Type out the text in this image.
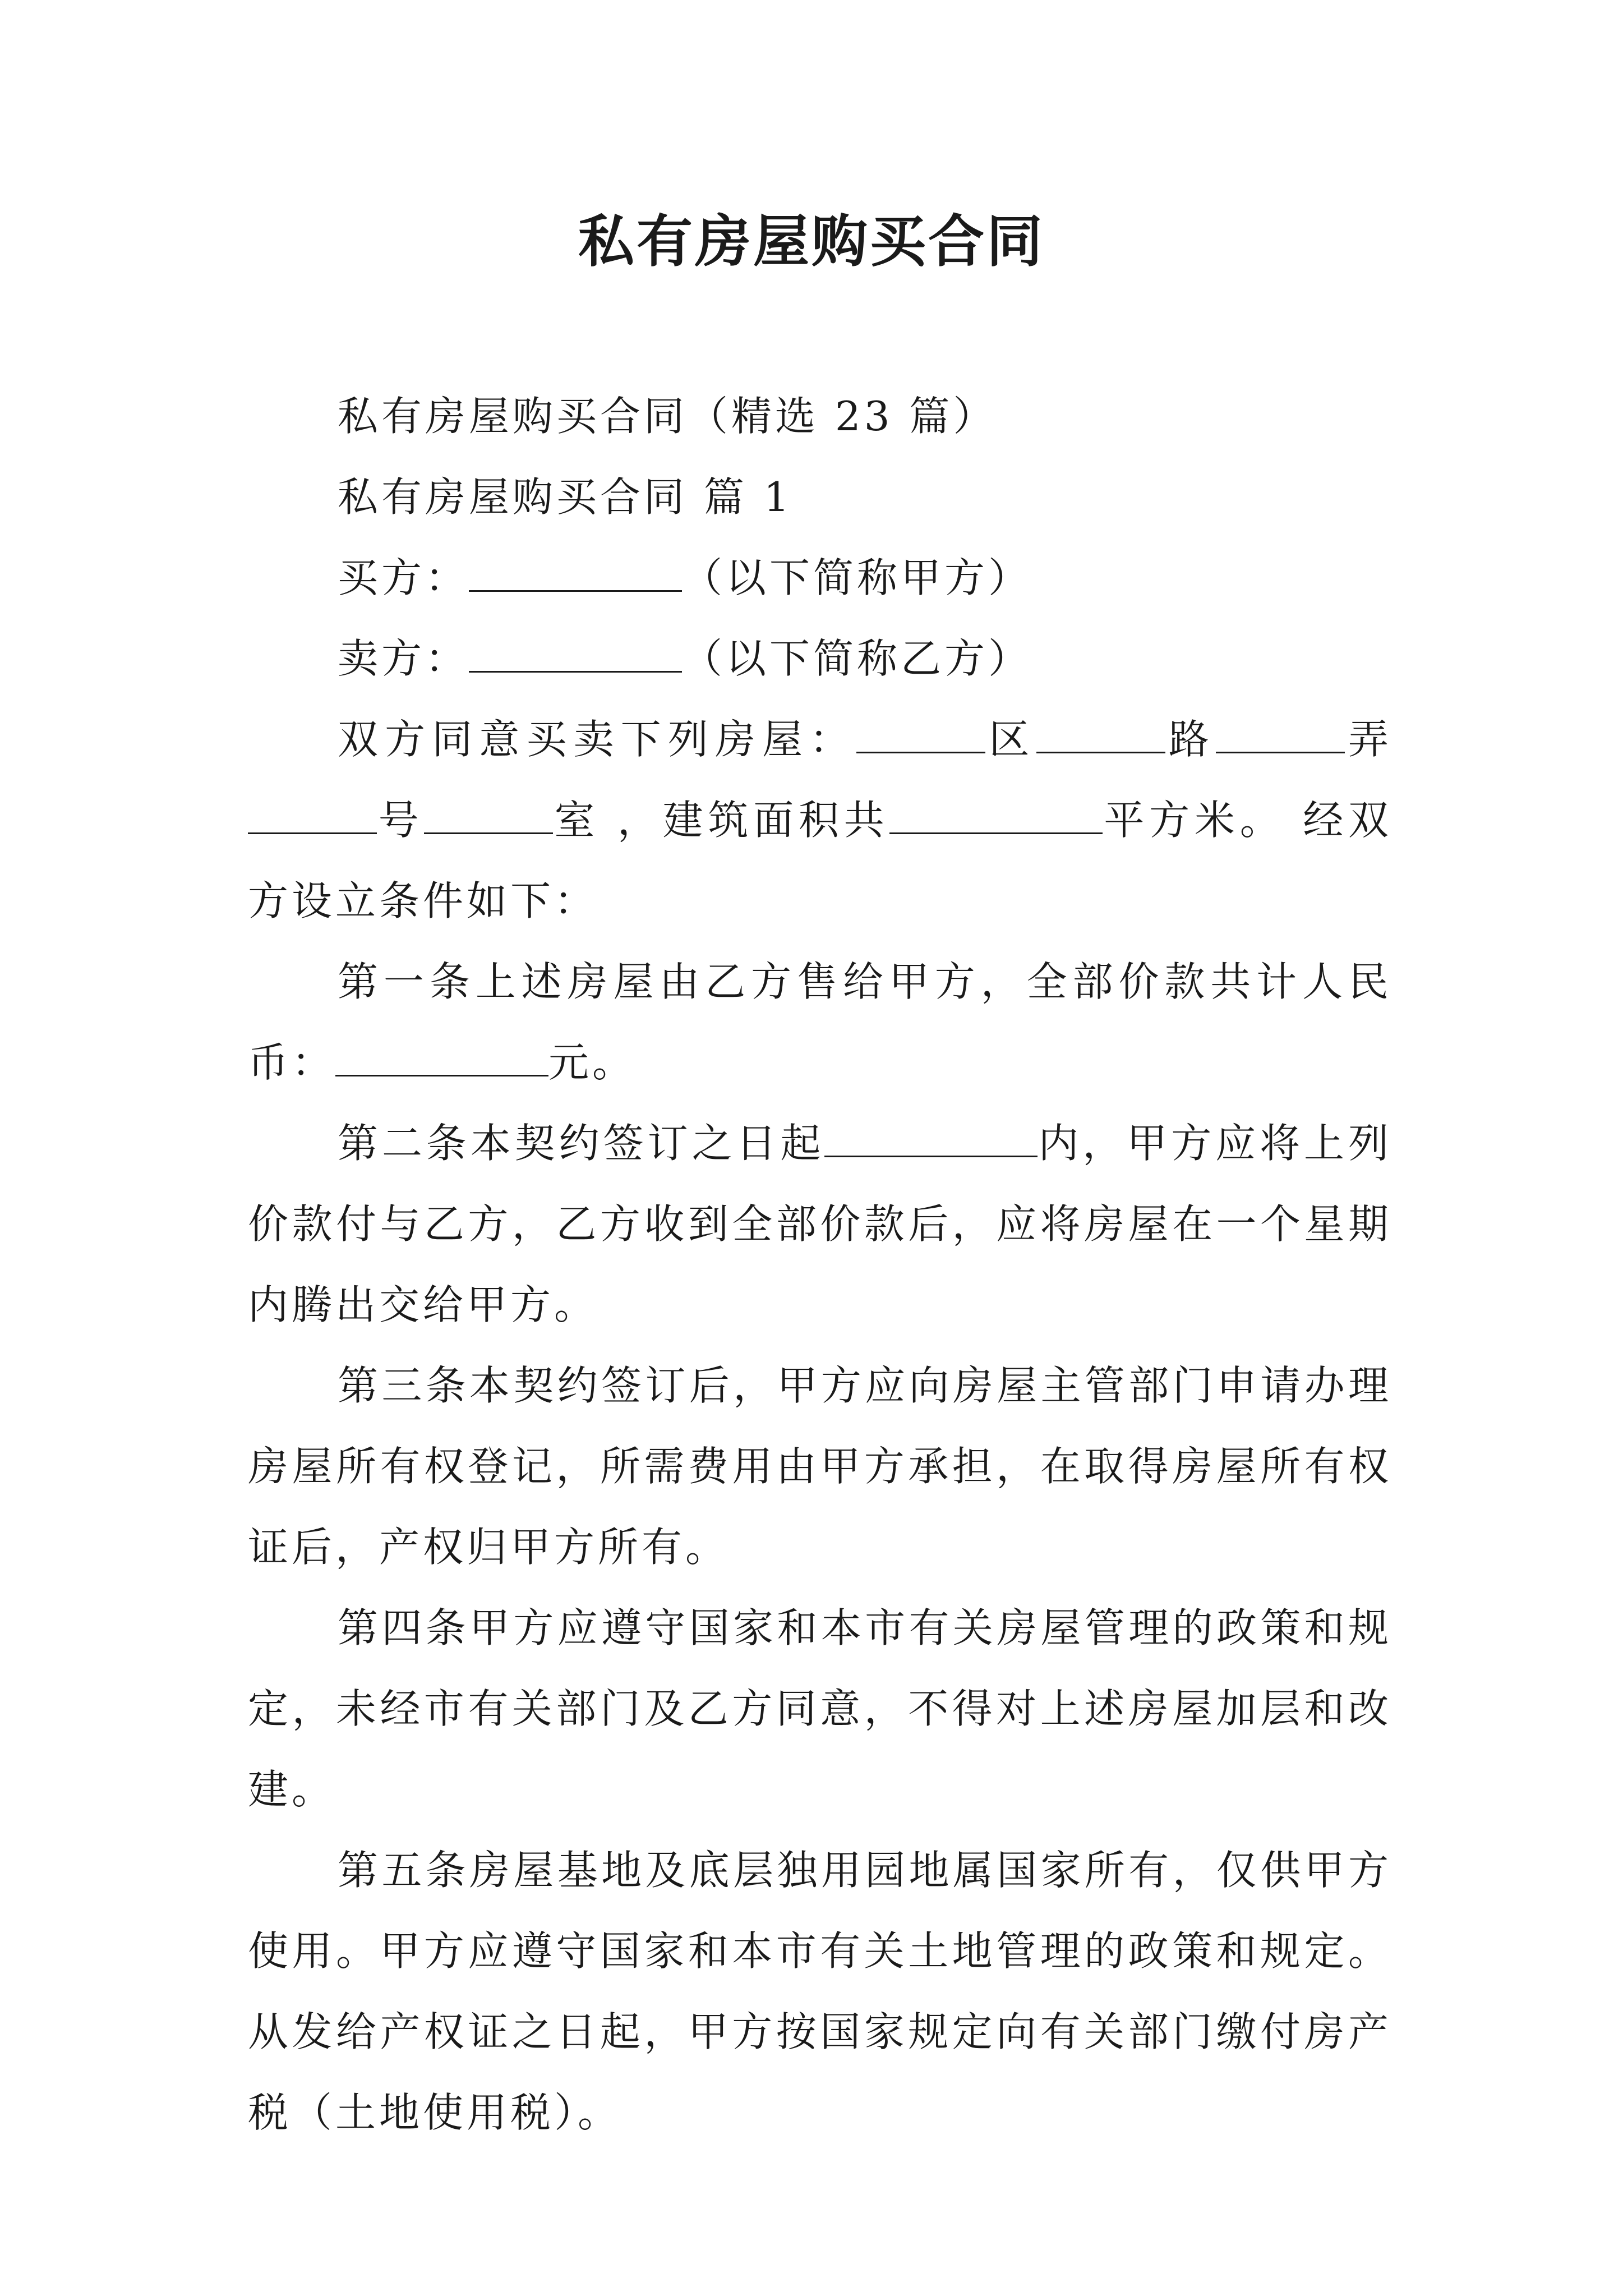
私有房屋购买合同

私有房屋购买合同（精选 23 篇）

私有房屋购买合同 篇 1

买方：	（以下简称甲方）

卖方：	（以下简称乙方）

双方同意买卖下列房屋：	区	路	弄号	室 ，建筑面积共	平方米。 经双方设立条件如下：

第一条上述房屋由乙方售给甲方，全部价款共计人民币：	元。

第二条本契约签订之日起	内，甲方应将上列价款付与乙方，乙方收到全部价款后，应将房屋在一个星期内腾出交给甲方。

第三条本契约签订后，甲方应向房屋主管部门申请办理房屋所有权登记，所需费用由甲方承担，在取得房屋所有权证后，产权归甲方所有。

第四条甲方应遵守国家和本市有关房屋管理的政策和规定，未经市有关部门及乙方同意，不得对上述房屋加层和改建。

第五条房屋基地及底层独用园地属国家所有，仅供甲方使用。甲方应遵守国家和本市有关土地管理的政策和规定。从发给产权证之日起，甲方按国家规定向有关部门缴付房产税（土地使用税）。
